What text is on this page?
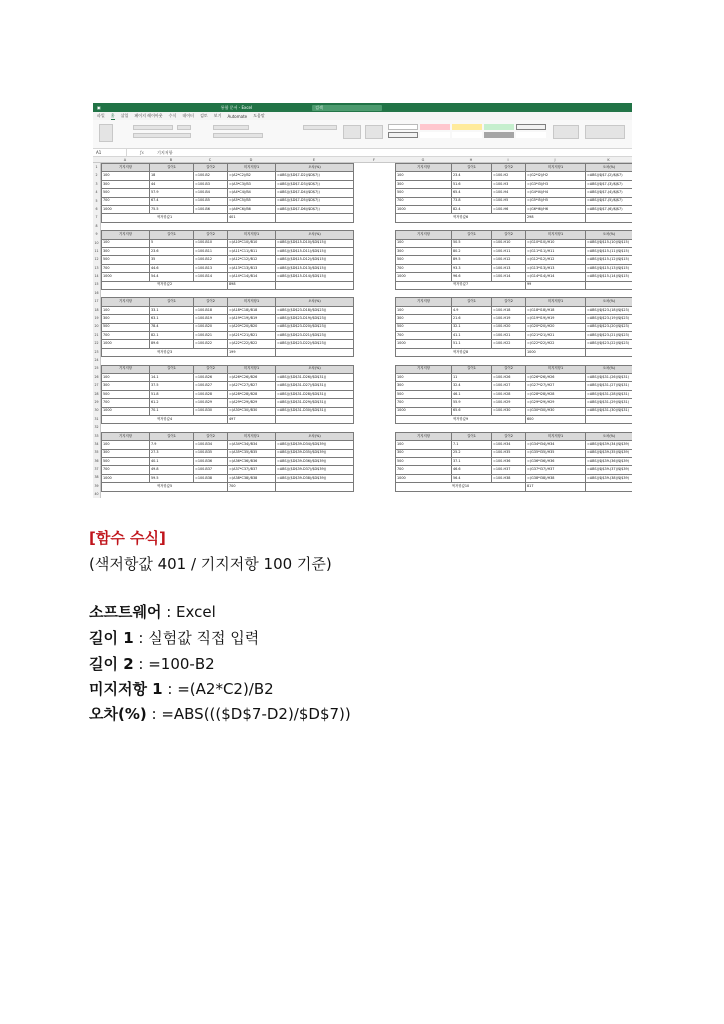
▣	통합 문서 - Excel	검색
파일 홈 삽입 페이지 레이아웃 수식 데이터 검토 보기 Automate 도움말
A1	ƒx	기지저항
A	B	C	D	E	F	G	H	I	J	K
1
2
3
4
5
6
7
8
9
10
11
12
13
14
15
16
17
18
19
20
21
22
23
24
25
26
27
28
29
30
31
32
33
34
35
36
37
38
39
40
기지저항	길이1	길이2	미지저항1	오차(%)
100	18	=100-B2	=(A2*C2)/B2	=ABS((($D$7-D2)/$D$7))
300	44	=100-B3	=(A3*C3)/B3	=ABS((($D$7-D3)/$D$7))
500	57.9	=100-B4	=(A4*C4)/B4	=ABS((($D$7-D4)/$D$7))
700	67.4	=100-B5	=(A5*C5)/B5	=ABS((($D$7-D5)/$D$7))
1000	75.5	=100-B6	=(A6*C6)/B6	=ABS((($D$7-D6)/$D$7))
색저항값1			401	
기지저항	길이1	길이2	미지저항1	오차(%)
100	5	=100-B10	=(A10*C10)/B10	=ABS((($D$15-D10)/$D$15))
300	23.6	=100-B11	=(A11*C11)/B11	=ABS((($D$15-D11)/$D$15))
500	35	=100-B12	=(A12*C12)/B12	=ABS((($D$15-D12)/$D$15))
700	44.6	=100-B13	=(A13*C13)/B13	=ABS((($D$15-D13)/$D$15))
1000	54.4	=100-B14	=(A14*C14)/B14	=ABS((($D$15-D14)/$D$15))
색저항값2			898	
기지저항	길이1	길이2	미지저항1	오차(%)
100	33.1	=100-B18	=(A18*C18)/B18	=ABS((($D$23-D18)/$D$23))
300	63.1	=100-B19	=(A19*C19)/B19	=ABS((($D$23-D19)/$D$23))
500	78.4	=100-B20	=(A20*C20)/B20	=ABS((($D$23-D20)/$D$23))
700	82.1	=100-B21	=(A21*C21)/B21	=ABS((($D$23-D21)/$D$23))
1000	89.6	=100-B22	=(A22*C22)/B22	=ABS((($D$23-D22)/$D$23))
색저항값3			199	
기지저항	길이1	길이2	미지저항1	오차(%)
100	14.1	=100-B26	=(A26*C26)/B26	=ABS((($D$31-D26)/$D$31))
300	37.5	=100-B27	=(A27*C27)/B27	=ABS((($D$31-D27)/$D$31))
500	51.8	=100-B28	=(A28*C28)/B28	=ABS((($D$31-D28)/$D$31))
700	61.2	=100-B29	=(A29*C29)/B29	=ABS((($D$31-D29)/$D$31))
1000	70.1	=100-B30	=(A30*C30)/B30	=ABS((($D$31-D30)/$D$31))
색저항값4			497	
기지저항	길이1	길이2	미지저항1	오차(%)
100	7.9	=100-B34	=(A34*C34)/B34	=ABS((($D$39-D34)/$D$39))
300	27.3	=100-B35	=(A35*C35)/B35	=ABS((($D$39-D35)/$D$39))
500	40.1	=100-B36	=(A36*C36)/B36	=ABS((($D$39-D36)/$D$39))
700	49.8	=100-B37	=(A37*C37)/B37	=ABS((($D$39-D37)/$D$39))
1000	59.5	=100-B38	=(A38*C38)/B38	=ABS((($D$39-D38)/$D$39))
색저항값5			700	
기지저항	길이1	길이2	미지저항1	오차(%)
100	23.4	=100-H2	=(G2*I2)/H2	=ABS(($J$7-J2)/$J$7)
300	51.6	=100-H3	=(G3*I3)/H3	=ABS(($J$7-J3)/$J$7)
500	65.4	=100-H4	=(G4*I4)/H4	=ABS(($J$7-J4)/$J$7)
700	73.8	=100-H5	=(G5*I5)/H5	=ABS(($J$7-J5)/$J$7)
1000	82.4	=100-H6	=(G6*I6)/H6	=ABS(($J$7-J6)/$J$7)
색저항값6			298	
기지저항	길이1	길이2	미지저항1	오차(%)
100	50.5	=100-H10	=(G10*I10)/H10	=ABS(($J$15-J10)/$J$15)
300	80.2	=100-H11	=(G11*I11)/H11	=ABS(($J$15-J11)/$J$15)
500	89.5	=100-H12	=(G12*I12)/H12	=ABS(($J$15-J12)/$J$15)
700	93.3	=100-H13	=(G13*I13)/H13	=ABS(($J$15-J13)/$J$15)
1000	96.6	=100-H14	=(G14*I14)/H14	=ABS(($J$15-J14)/$J$15)
색저항값7			99	
기지저항	길이1	길이2	미지저항1	오차(%)
100	4.9	=100-H18	=(G18*I18)/H18	=ABS(($J$23-J18)/$J$23)
300	21.6	=100-H19	=(G19*I19)/H19	=ABS(($J$23-J19)/$J$23)
500	32.1	=100-H20	=(G20*I20)/H20	=ABS(($J$23-J20)/$J$23)
700	41.1	=100-H21	=(G21*I21)/H21	=ABS(($J$23-J21)/$J$23)
1000	51.1	=100-H22	=(G22*I22)/H22	=ABS(($J$23-J22)/$J$23)
색저항값8			1000	
기지저항	길이1	길이2	미지저항1	오차(%)
100	11	=100-H26	=(G26*I26)/H26	=ABS(($J$31-J26)/$J$31)
300	32.4	=100-H27	=(G27*I27)/H27	=ABS(($J$31-J27)/$J$31)
500	46.1	=100-H28	=(G28*I28)/H28	=ABS(($J$31-J28)/$J$31)
700	55.9	=100-H29	=(G29*I29)/H29	=ABS(($J$31-J29)/$J$31)
1000	65.6	=100-H30	=(G30*I30)/H30	=ABS(($J$31-J30)/$J$31)
색저항값9			600	
기지저항	길이1	길이2	미지저항1	오차(%)
100	7.1	=100-H34	=(G34*I34)/H34	=ABS(($J$39-J34)/$J$39)
300	25.2	=100-H35	=(G35*I35)/H35	=ABS(($J$39-J35)/$J$39)
500	37.1	=100-H36	=(G36*I36)/H36	=ABS(($J$39-J36)/$J$39)
700	46.6	=100-H37	=(G37*I37)/H37	=ABS(($J$39-J37)/$J$39)
1000	56.4	=100-H38	=(G38*I38)/H38	=ABS(($J$39-J38)/$J$39)
색저항값10			817	
[함수 수식]
(색저항값 401 / 기지저항 100 기준)
소프트웨어 : Excel
길이 1 : 실험값 직접 입력
길이 2 : =100-B2
미지저항 1 : =(A2*C2)/B2
오차(%) : =ABS((($D$7-D2)/$D$7))
